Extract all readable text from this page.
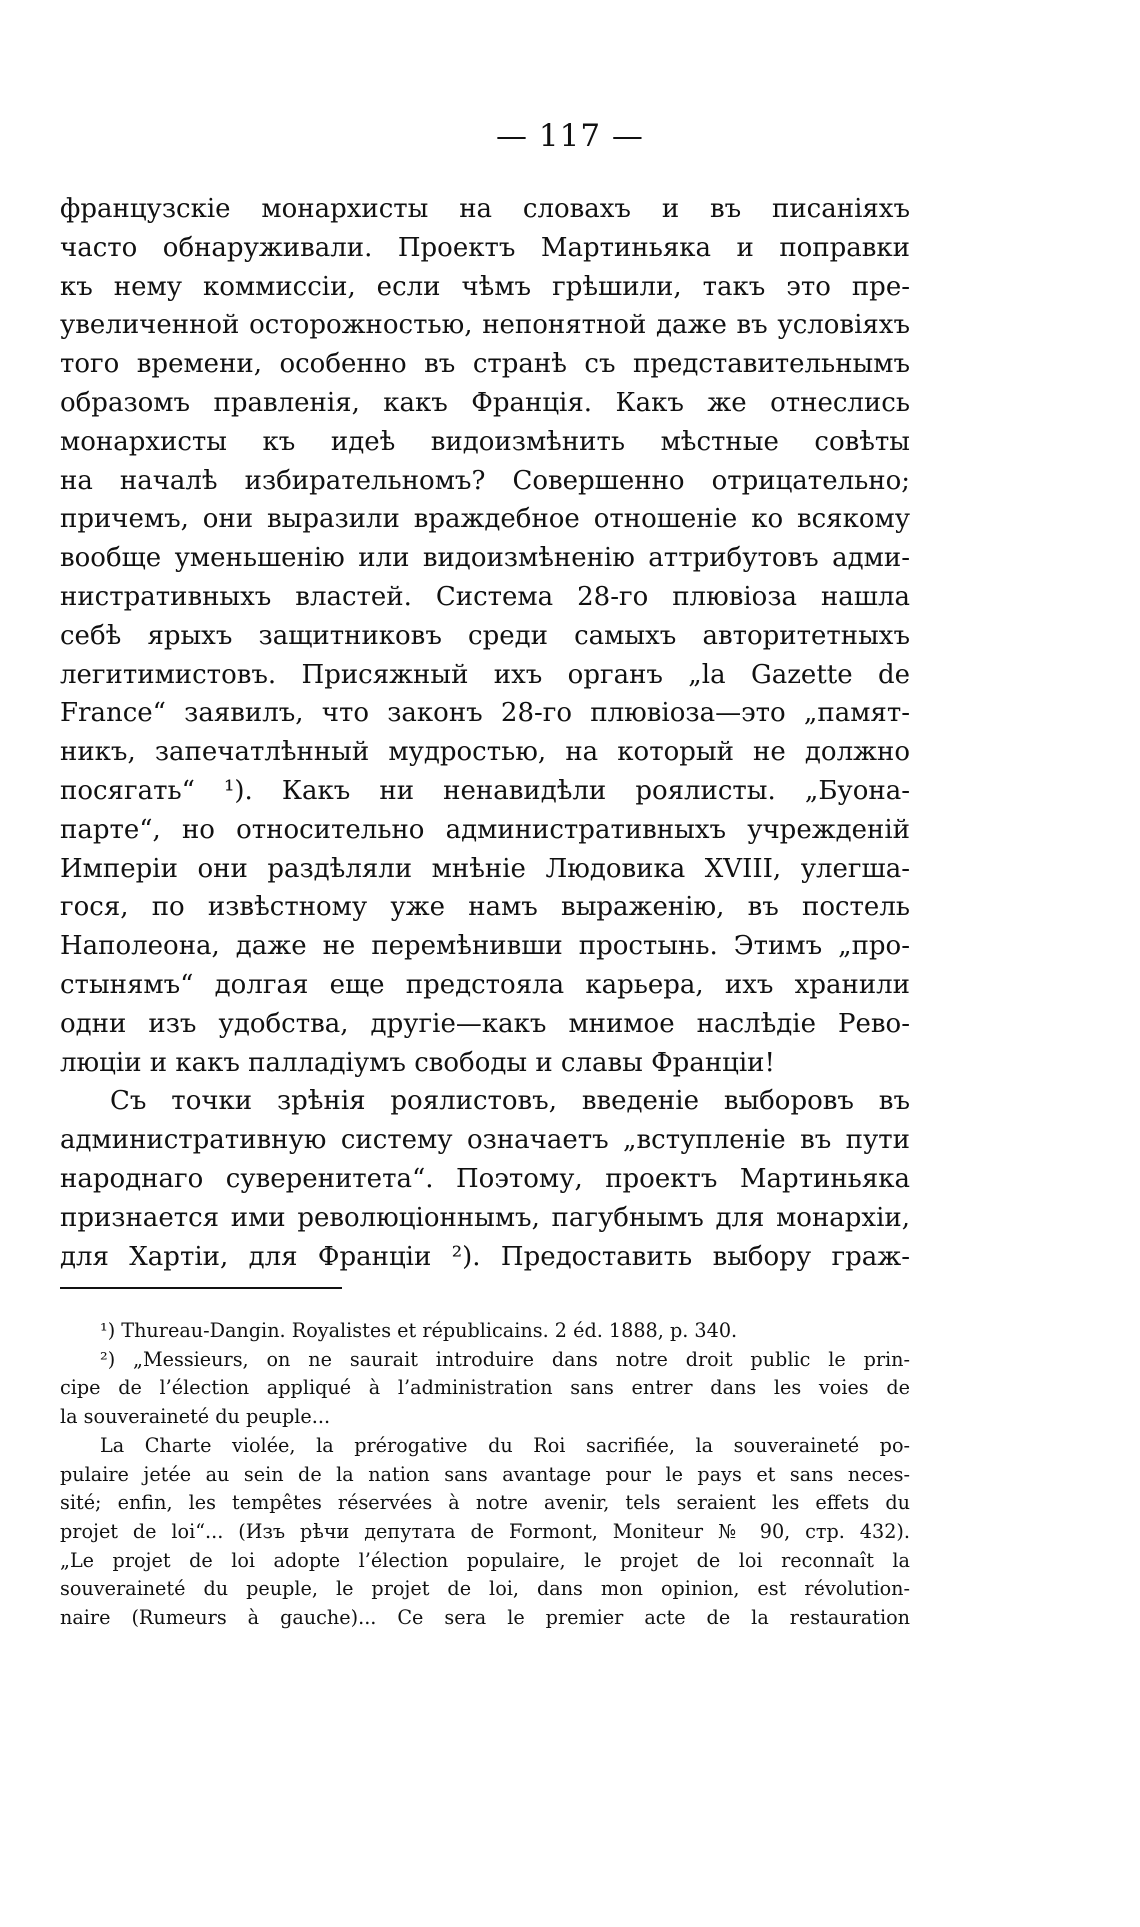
— 117 —
французскіе монархисты на словахъ и въ писаніяхъ
часто обнаруживали. Проектъ Мартиньяка и поправки
къ нему коммиссіи, если чѣмъ грѣшили, такъ это пре-
увеличенной осторожностью, непонятной даже въ условіяхъ
того времени, особенно въ странѣ съ представительнымъ
образомъ правленія, какъ Франція. Какъ же отнеслись
монархисты къ идеѣ видоизмѣнить мѣстные совѣты
на началѣ избирательномъ? Совершенно отрицательно;
причемъ, они выразили враждебное отношеніе ко всякому
вообще уменьшенію или видоизмѣненію аттрибутовъ адми-
нистративныхъ властей. Система 28-го плювіоза нашла
себѣ ярыхъ защитниковъ среди самыхъ авторитетныхъ
легитимистовъ. Присяжный ихъ органъ „la Gazette de
France“ заявилъ, что законъ 28-го плювіоза—это „памят-
никъ, запечатлѣнный мудростью, на который не должно
посягать“ ¹). Какъ ни ненавидѣли роялисты. „Буона-
парте“, но относительно административныхъ учрежденій
Имперіи они раздѣляли мнѣніе Людовика XVIII, улегша-
гося, по извѣстному уже намъ выраженію, въ постель
Наполеона, даже не перемѣнивши простынь. Этимъ „про-
стынямъ“ долгая еще предстояла карьера, ихъ хранили
одни изъ удобства, другіе—какъ мнимое наслѣдіе Рево-
люціи и какъ палладіумъ свободы и славы Франціи!
Съ точки зрѣнія роялистовъ, введеніе выборовъ въ
административную систему означаетъ „вступленіе въ пути
народнаго суверенитета“. Поэтому, проектъ Мартиньяка
признается ими революціоннымъ, пагубнымъ для монархіи,
для Хартіи, для Франціи ²). Предоставить выбору граж-
¹) Thureau-Dangin. Royalistes et républicains. 2 éd. 1888, p. 340.
²) „Messieurs, on ne saurait introduire dans notre droit public le prin-
cipe de l’élection appliqué à l’administration sans entrer dans les voies de
la souveraineté du peuple...
La Charte violée, la prérogative du Roi sacrifiée, la souveraineté po-
pulaire jetée au sein de la nation sans avantage pour le pays et sans neces-
sité; enfin, les tempêtes réservées à notre avenir, tels seraient les effets du
projet de loi“... (Изъ рѣчи депутата de Formont, Moniteur № 90, стр. 432).
„Le projet de loi adopte l’élection populaire, le projet de loi reconnaît la
souveraineté du peuple, le projet de loi, dans mon opinion, est révolution-
naire (Rumeurs à gauche)... Ce sera le premier acte de la restauration
